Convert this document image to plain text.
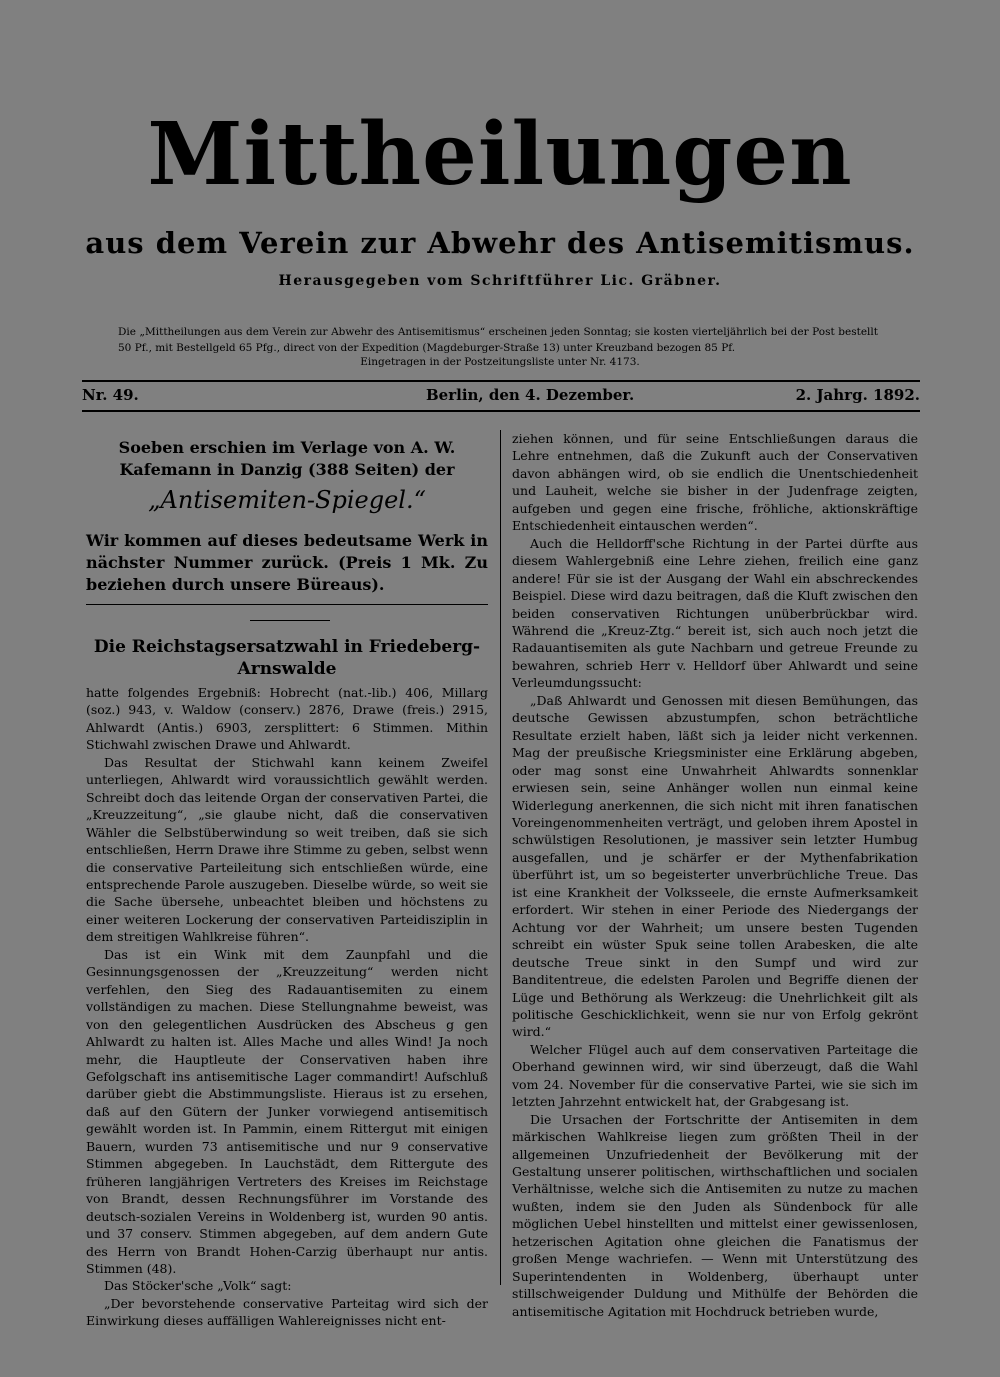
Mittheilungen
aus dem Verein zur Abwehr des Antisemitismus.
Herausgegeben vom Schriftführer Lic. Gräbner.
Die „Mittheilungen aus dem Verein zur Abwehr des Antisemitismus“ erscheinen jeden Sonntag; sie kosten vierteljährlich bei der Post bestellt 50 Pf., mit Bestellgeld 65 Pfg., direct von der Expedition (Magdeburger-Straße 13) unter Kreuzband bezogen 85 Pf.
Eingetragen in der Postzeitungsliste unter Nr. 4173.
Nr. 49.	Berlin, den 4. Dezember.	2. Jahrg. 1892.
Soeben erschien im Verlage von A. W. Kafemann in Danzig (388 Seiten) der
„Antisemiten-Spiegel.“
Wir kommen auf dieses bedeutsame Werk in nächster Nummer zurück. (Preis 1 Mk. Zu beziehen durch unsere Büreaus).
Die Reichstagsersatzwahl in Friedeberg-Arnswalde

hatte folgendes Ergebniß: Hobrecht (nat.-lib.) 406, Millarg (soz.) 943, v. Waldow (conserv.) 2876, Drawe (freis.) 2915, Ahlwardt (Antis.) 6903, zersplittert: 6 Stimmen. Mithin Stichwahl zwischen Drawe und Ahlwardt.

Das Resultat der Stichwahl kann keinem Zweifel unterliegen, Ahlwardt wird voraussichtlich gewählt werden. Schreibt doch das leitende Organ der conservativen Partei, die „Kreuzzeitung“, „sie glaube nicht, daß die conservativen Wähler die Selbstüberwindung so weit treiben, daß sie sich entschließen, Herrn Drawe ihre Stimme zu geben, selbst wenn die conservative Parteileitung sich entschließen würde, eine entsprechende Parole auszugeben. Dieselbe würde, so weit sie die Sache übersehe, unbeachtet bleiben und höchstens zu einer weiteren Lockerung der conservativen Parteidisziplin in dem streitigen Wahlkreise führen“.

Das ist ein Wink mit dem Zaunpfahl und die Gesinnungsgenossen der „Kreuzzeitung“ werden nicht verfehlen, den Sieg des Radauantisemiten zu einem vollständigen zu machen. Diese Stellungnahme beweist, was von den gelegentlichen Ausdrücken des Abscheus g gen Ahlwardt zu halten ist. Alles Mache und alles Wind! Ja noch mehr, die Hauptleute der Conservativen haben ihre Gefolgschaft ins antisemitische Lager commandirt! Aufschluß darüber giebt die Abstimmungsliste. Hieraus ist zu ersehen, daß auf den Gütern der Junker vorwiegend antisemitisch gewählt worden ist. In Pammin, einem Rittergut mit einigen Bauern, wurden 73 antisemitische und nur 9 conservative Stimmen abgegeben. In Lauchstädt, dem Rittergute des früheren langjährigen Vertreters des Kreises im Reichstage von Brandt, dessen Rechnungsführer im Vorstande des deutsch-sozialen Vereins in Woldenberg ist, wurden 90 antis. und 37 conserv. Stimmen abgegeben, auf dem andern Gute des Herrn von Brandt Hohen-Carzig überhaupt nur antis. Stimmen (48).

Das Stöcker'sche „Volk“ sagt:

„Der bevorstehende conservative Parteitag wird sich der Einwirkung dieses auffälligen Wahlereignisses nicht ent-

ziehen können, und für seine Entschließungen daraus die Lehre entnehmen, daß die Zukunft auch der Conservativen davon abhängen wird, ob sie endlich die Unentschiedenheit und Lauheit, welche sie bisher in der Judenfrage zeigten, aufgeben und gegen eine frische, fröhliche, aktionskräftige Entschiedenheit eintauschen werden“.

Auch die Helldorff'sche Richtung in der Partei dürfte aus diesem Wahlergebniß eine Lehre ziehen, freilich eine ganz andere! Für sie ist der Ausgang der Wahl ein abschreckendes Beispiel. Diese wird dazu beitragen, daß die Kluft zwischen den beiden conservativen Richtungen unüberbrückbar wird. Während die „Kreuz-Ztg.“ bereit ist, sich auch noch jetzt die Radauantisemiten als gute Nachbarn und getreue Freunde zu bewahren, schrieb Herr v. Helldorf über Ahlwardt und seine Verleumdungssucht:

„Daß Ahlwardt und Genossen mit diesen Bemühungen, das deutsche Gewissen abzustumpfen, schon beträchtliche Resultate erzielt haben, läßt sich ja leider nicht verkennen. Mag der preußische Kriegsminister eine Erklärung abgeben, oder mag sonst eine Unwahrheit Ahlwardts sonnenklar erwiesen sein, seine Anhänger wollen nun einmal keine Widerlegung anerkennen, die sich nicht mit ihren fanatischen Voreingenommenheiten verträgt, und geloben ihrem Apostel in schwülstigen Resolutionen, je massiver sein letzter Humbug ausgefallen, und je schärfer er der Mythenfabrikation überführt ist, um so begeisterter unverbrüchliche Treue. Das ist eine Krankheit der Volksseele, die ernste Aufmerksamkeit erfordert. Wir stehen in einer Periode des Niedergangs der Achtung vor der Wahrheit; um unsere besten Tugenden schreibt ein wüster Spuk seine tollen Arabesken, die alte deutsche Treue sinkt in den Sumpf und wird zur Banditentreue, die edelsten Parolen und Begriffe dienen der Lüge und Bethörung als Werkzeug: die Unehrlichkeit gilt als politische Geschicklichkeit, wenn sie nur von Erfolg gekrönt wird.“

Welcher Flügel auch auf dem conservativen Parteitage die Oberhand gewinnen wird, wir sind überzeugt, daß die Wahl vom 24. November für die conservative Partei, wie sie sich im letzten Jahrzehnt entwickelt hat, der Grabgesang ist.

Die Ursachen der Fortschritte der Antisemiten in dem märkischen Wahlkreise liegen zum größten Theil in der allgemeinen Unzufriedenheit der Bevölkerung mit der Gestaltung unserer politischen, wirthschaftlichen und socialen Verhältnisse, welche sich die Antisemiten zu nutze zu machen wußten, indem sie den Juden als Sündenbock für alle möglichen Uebel hinstellten und mittelst einer gewissenlosen, hetzerischen Agitation ohne gleichen die Fanatismus der großen Menge wachriefen. — Wenn mit Unterstützung des Superintendenten in Woldenberg, überhaupt unter stillschweigender Duldung und Mithülfe der Behörden die antisemitische Agitation mit Hochdruck betrieben wurde,
